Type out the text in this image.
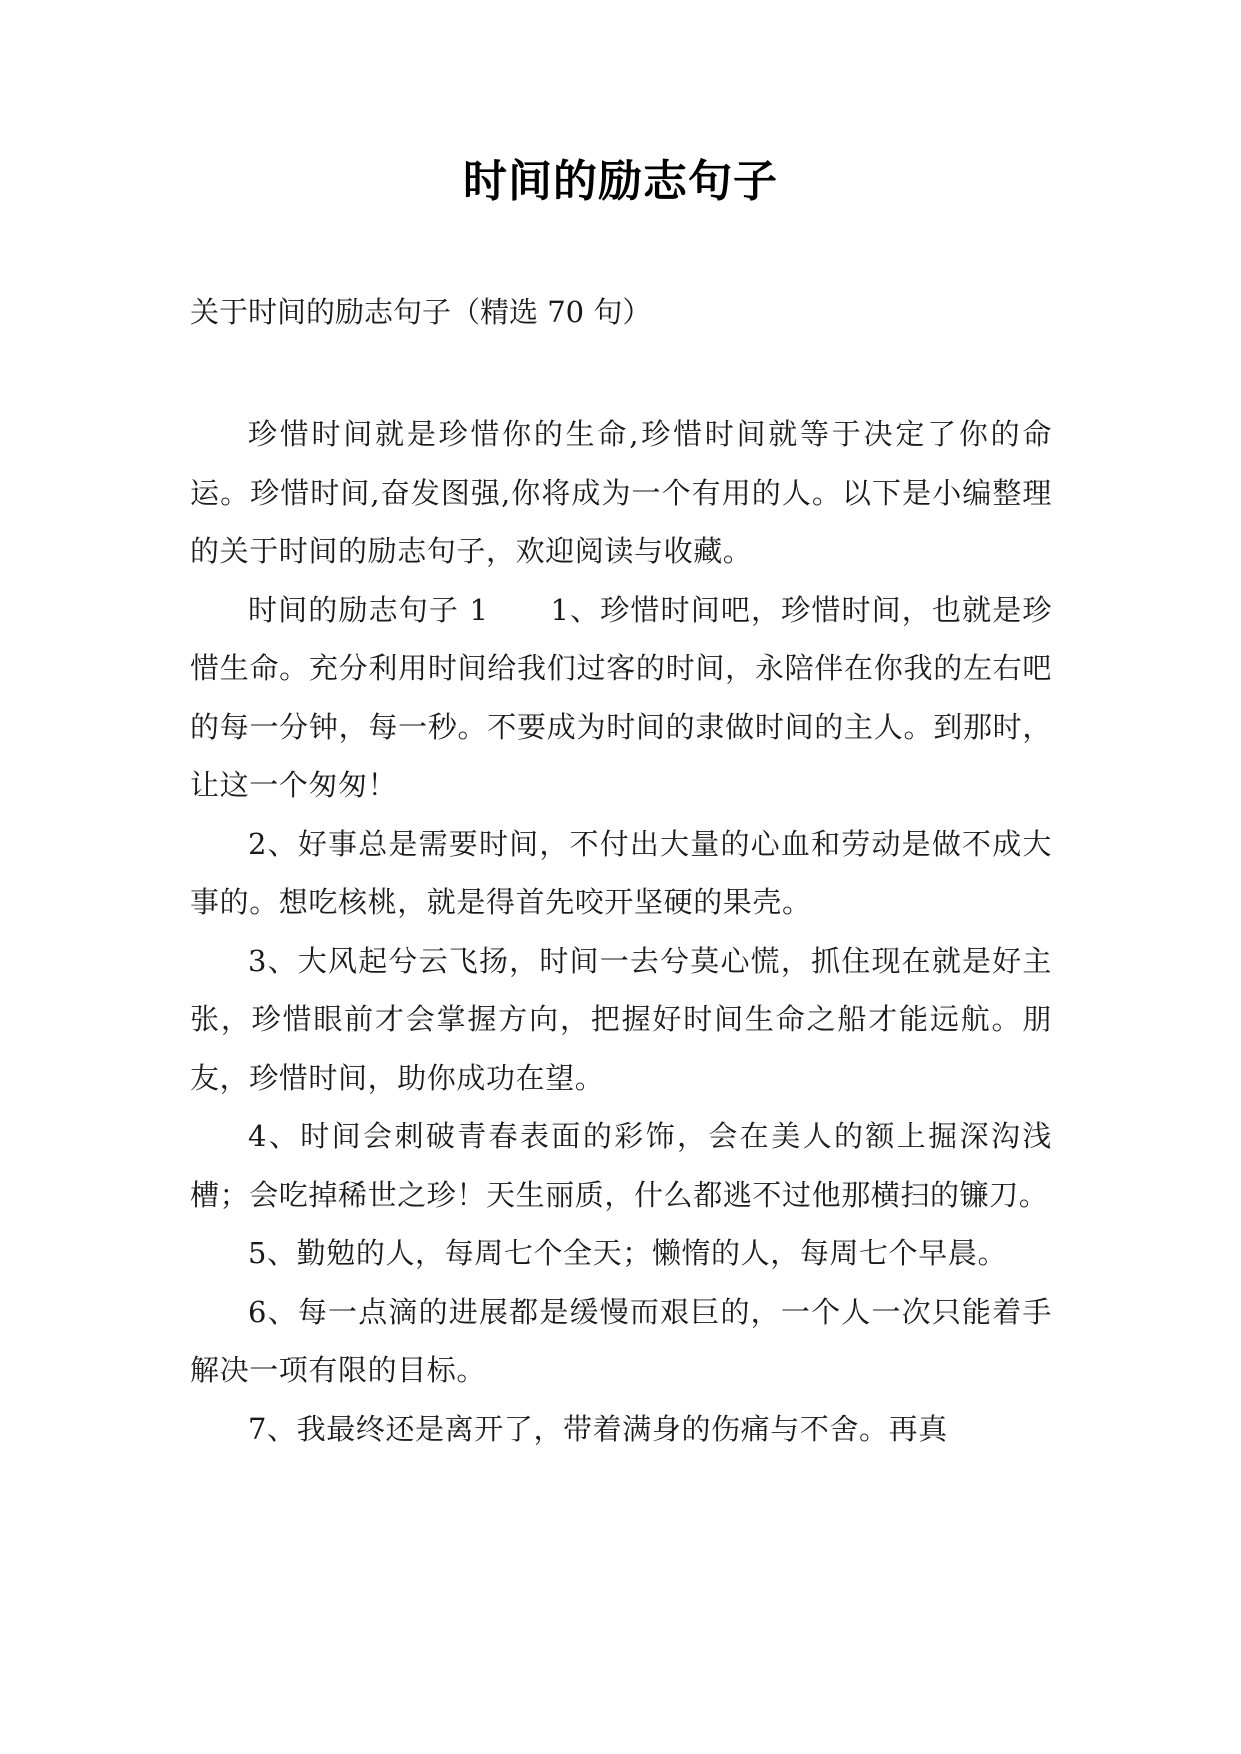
时间的励志句子
关于时间的励志句子（精选 70 句）

珍惜时间就是珍惜你的生命,珍惜时间就等于决定了你的命运。珍惜时间,奋发图强,你将成为一个有用的人。以下是小编整理的关于时间的励志句子，欢迎阅读与收藏。

时间的励志句子 1 1、珍惜时间吧，珍惜时间，也就是珍惜生命。充分利用时间给我们过客的时间，永陪伴在你我的左右吧的每一分钟，每一秒。不要成为时间的隶做时间的主人。到那时，让这一个匆匆！

2、好事总是需要时间，不付出大量的心血和劳动是做不成大事的。想吃核桃，就是得首先咬开坚硬的果壳。

3、大风起兮云飞扬，时间一去兮莫心慌，抓住现在就是好主张，珍惜眼前才会掌握方向，把握好时间生命之船才能远航。朋友，珍惜时间，助你成功在望。

4、时间会刺破青春表面的彩饰，会在美人的额上掘深沟浅槽；会吃掉稀世之珍！天生丽质，什么都逃不过他那横扫的镰刀。

5、勤勉的人，每周七个全天；懒惰的人，每周七个早晨。

6、每一点滴的进展都是缓慢而艰巨的，一个人一次只能着手解决一项有限的目标。

7、我最终还是离开了，带着满身的伤痛与不舍。再真
